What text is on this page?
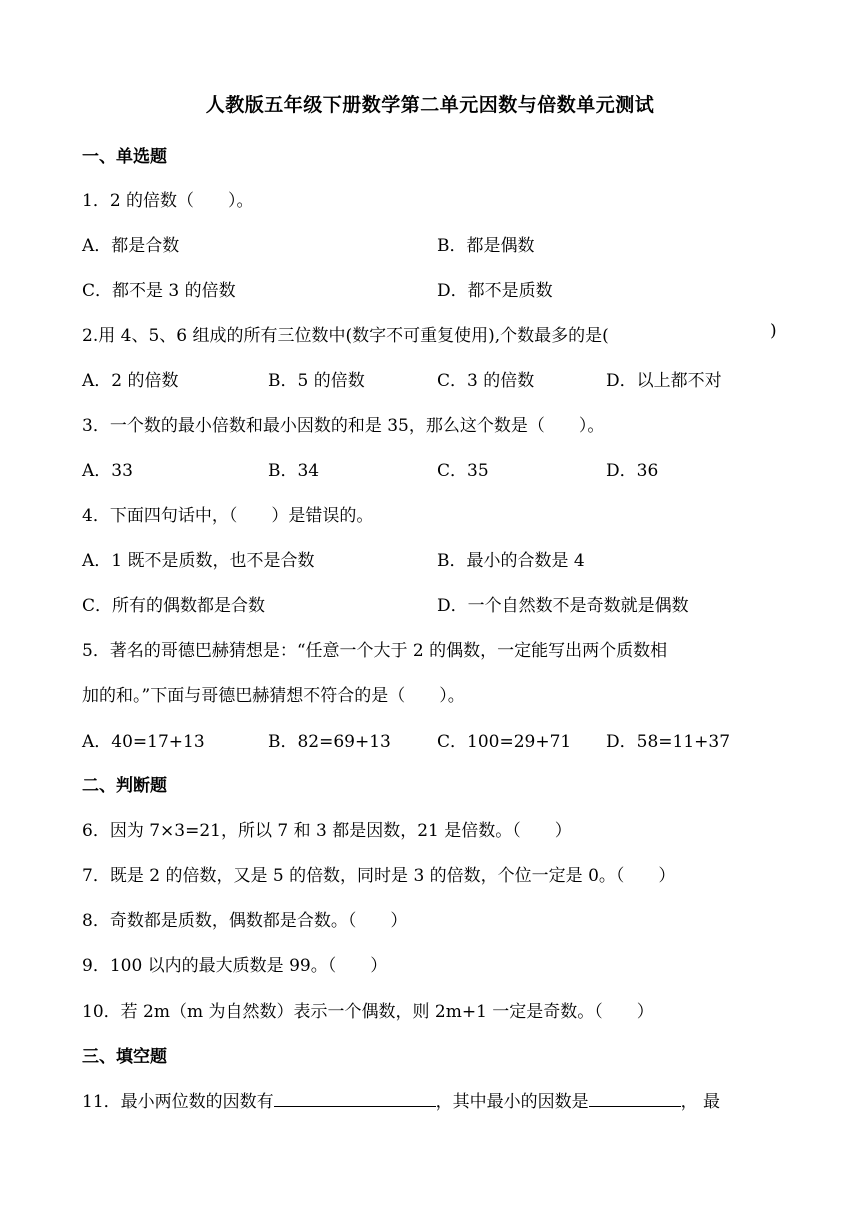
人教版五年级下册数学第二单元因数与倍数单元测试
一、单选题
1．2 的倍数（　　）。
A．都是合数	B．都是偶数
C．都不是 3 的倍数	D．都不是质数
2.用 4、5、6 组成的所有三位数中(数字不可重复使用),个数最多的是(	)
A．2 的倍数	B．5 的倍数	C．3 的倍数	D．以上都不对
3．一个数的最小倍数和最小因数的和是 35，那么这个数是（　　）。
A．33	B．34	C．35	D．36
4．下面四句话中，（　　）是错误的。
A．1 既不是质数，也不是合数	B．最小的合数是 4
C．所有的偶数都是合数	D．一个自然数不是奇数就是偶数
5．著名的哥德巴赫猜想是：“任意一个大于 2 的偶数，一定能写出两个质数相
加的和。”下面与哥德巴赫猜想不符合的是（　　）。
A．40=17+13	B．82=69+13	C．100=29+71 D．58=11+37
二、判断题
6．因为 7×3=21，所以 7 和 3 都是因数，21 是倍数。（　　）
7．既是 2 的倍数，又是 5 的倍数，同时是 3 的倍数，个位一定是 0。（　　）
8．奇数都是质数，偶数都是合数。（　　）
9．100 以内的最大质数是 99。（　　）
10．若 2m（m 为自然数）表示一个偶数，则 2m+1 一定是奇数。（　　）
三、填空题
11．最小两位数的因数有	，其中最小的因数是	， 最
